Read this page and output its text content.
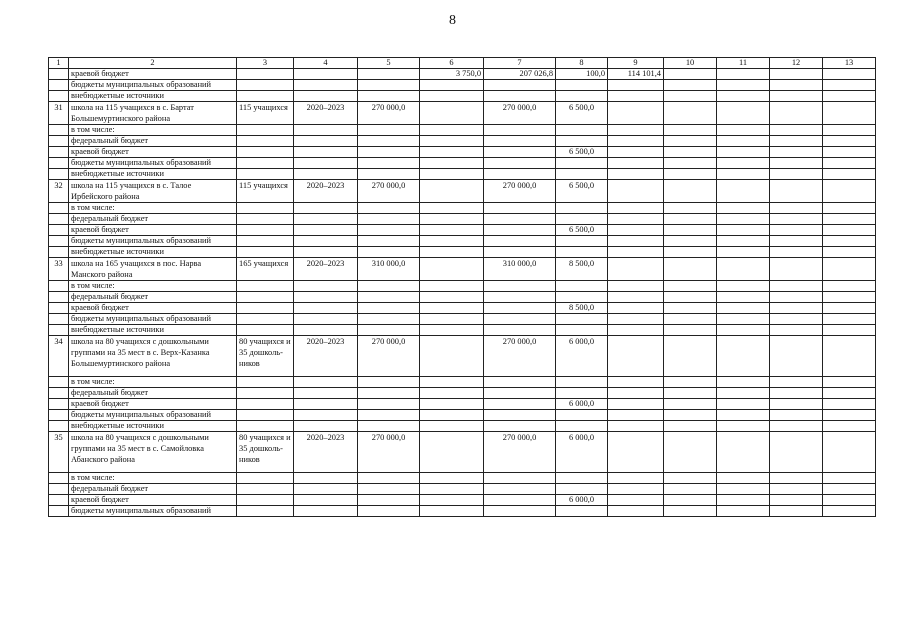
8
1	2	3	4	5	6	7	8	9	10	11	12	13
	краевой бюджет				3 750,0	207 026,8	100,0	114 101,4				
	бюджеты муниципальных образований											
	внебюджетные источники											
31	школа на 115 учащихся в с. Бартат Большемуртинского района	115 учащихся	2020–2023	270 000,0		270 000,0	6 500,0					
	в том числе:											
	федеральный бюджет											
	краевой бюджет						6 500,0					
	бюджеты муниципальных образований											
	внебюджетные источники											
32	школа на 115 учащихся в с. Талое Ирбейского района	115 учащихся	2020–2023	270 000,0		270 000,0	6 500,0					
	в том числе:											
	федеральный бюджет											
	краевой бюджет						6 500,0					
	бюджеты муниципальных образований											
	внебюджетные источники											
33	школа на 165 учащихся в пос. Нарва Манского района	165 учащихся	2020–2023	310 000,0		310 000,0	8 500,0					
	в том числе:											
	федеральный бюджет											
	краевой бюджет						8 500,0					
	бюджеты муниципальных образований											
	внебюджетные источники											
34	школа на 80 учащихся с дошкольными группами на 35 мест в с. Верх-Казанка Большемуртинского района	80 учащихся и 35 дошколь-ников	2020–2023	270 000,0		270 000,0	6 000,0					
	в том числе:											
	федеральный бюджет											
	краевой бюджет						6 000,0					
	бюджеты муниципальных образований											
	внебюджетные источники											
35	школа на 80 учащихся с дошкольными группами на 35 мест в с. Самойловка Абанского района	80 учащихся и 35 дошколь-ников	2020–2023	270 000,0		270 000,0	6 000,0					
	в том числе:											
	федеральный бюджет											
	краевой бюджет						6 000,0					
	бюджеты муниципальных образований											
